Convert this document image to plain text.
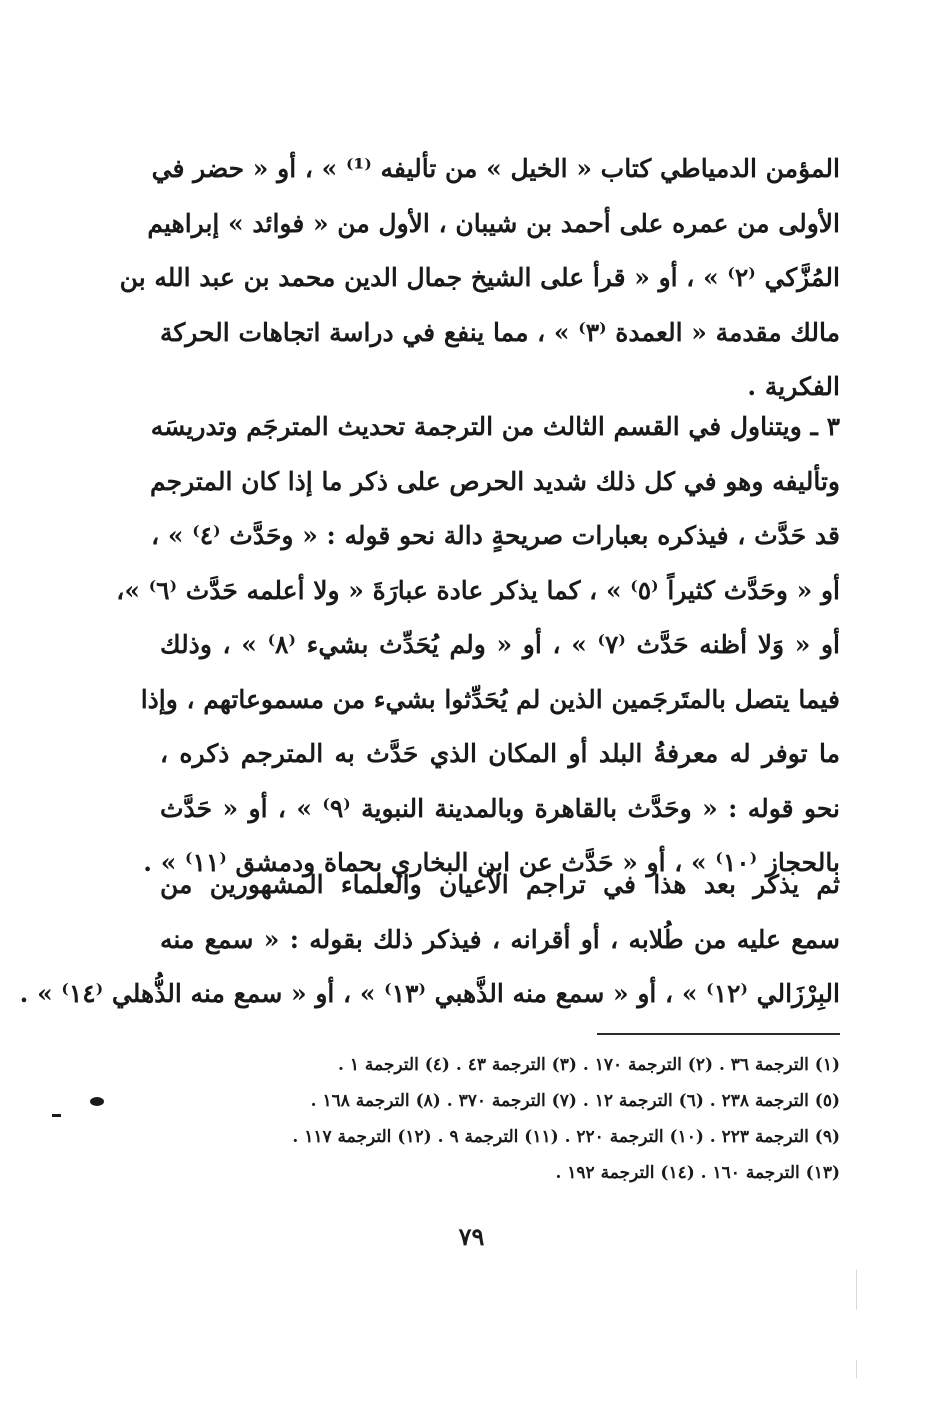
المؤمن الدمياطي كتاب « الخيل » من تأليفه ⁽¹⁾ » ، أو « حضر في
الأولى من عمره على أحمد بن شيبان ، الأول من « فوائد » إبراهيم
المُزَّكي ⁽٢⁾ » ، أو « قرأ على الشيخ جمال الدين محمد بن عبد الله بن
مالك مقدمة « العمدة ⁽٣⁾ » ، مما ينفع في دراسة اتجاهات الحركة
الفكرية .
٣ ـ ويتناول في القسم الثالث من الترجمة تحديث المترجَم وتدريسَه
وتأليفه وهو في كل ذلك شديد الحرص على ذكر ما إذا كان المترجم
قد حَدَّث ، فيذكره بعبارات صريحةٍ دالة نحو قوله : « وحَدَّث ⁽٤⁾ » ،
أو « وحَدَّث كثيراً ⁽٥⁾ » ، كما يذكر عادة عبارَةَ « ولا أعلمه حَدَّث ⁽٦⁾ »،
أو « وَلا أظنه حَدَّث ⁽٧⁾ » ، أو « ولم يُحَدِّث بشيء ⁽٨⁾ » ، وذلك
فيما يتصل بالمتَرجَمين الذين لم يُحَدِّثوا بشيء من مسموعاتهم ، وإذا
ما توفر له معرفةُ البلد أو المكان الذي حَدَّث به المترجم ذكره ،
نحو قوله : « وحَدَّث بالقاهرة وبالمدينة النبوية ⁽٩⁾ » ، أو « حَدَّث
بالحجاز ⁽١٠⁾ » ، أو « حَدَّث عن ابن البخاري بحماة ودمشق ⁽١١⁾ » .
ثم يذكر بعد هذا في تراجم الأعيان والعلماء المشهورين من
سمع عليه من طُلابه ، أو أقرانه ، فيذكر ذلك بقوله : « سمع منه
البِرْزَالي ⁽١٢⁾ » ، أو « سمع منه الذَّهبي ⁽١٣⁾ » ، أو « سمع منه الذُّهلي ⁽١٤⁾ » .
(١) الترجمة ٣٦ . (٢) الترجمة ١٧٠ . (٣) الترجمة ٤٣ . (٤) الترجمة ١ .
(٥) الترجمة ٢٣٨ . (٦) الترجمة ١٢ . (٧) الترجمة ٣٧٠ . (٨) الترجمة ١٦٨ .
(٩) الترجمة ٢٢٣ . (١٠) الترجمة ٢٢٠ . (١١) الترجمة ٩ . (١٢) الترجمة ١١٧ .
(١٣) الترجمة ١٦٠ . (١٤) الترجمة ١٩٢ .
٧٩
